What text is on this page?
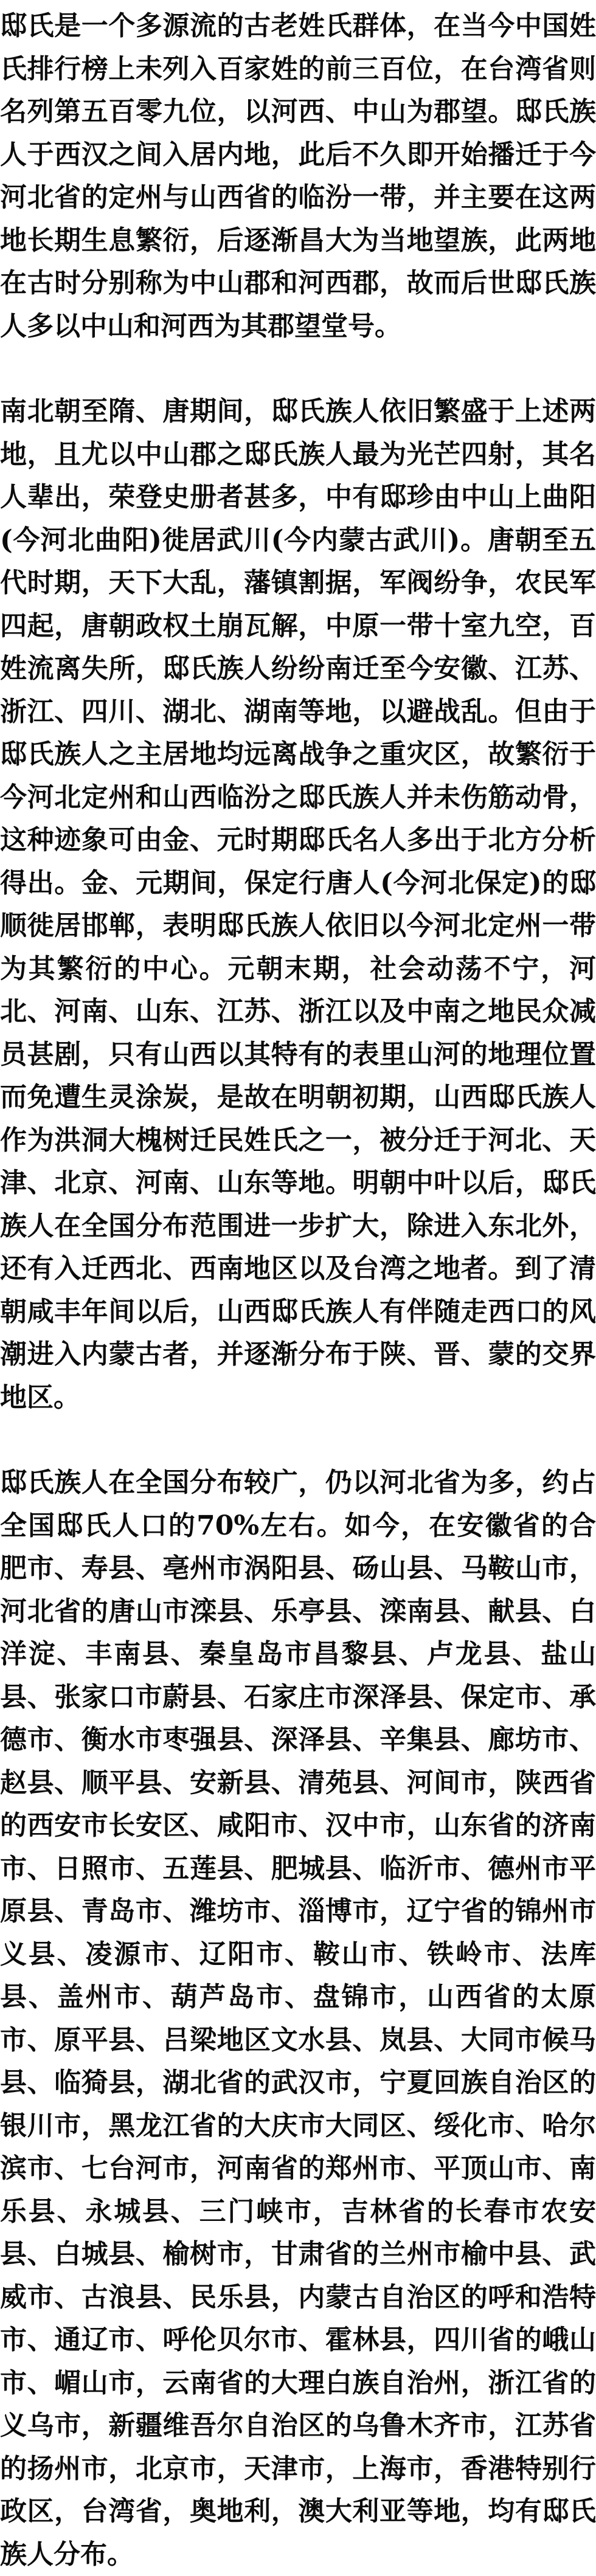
邸氏是一个多源流的古老姓氏群体，在当今中国姓氏排行榜上未列入百家姓的前三百位，在台湾省则名列第五百零九位，以河西、中山为郡望。邸氏族人于西汉之间入居内地，此后不久即开始播迁于今河北省的定州与山西省的临汾一带，并主要在这两地长期生息繁衍，后逐渐昌大为当地望族，此两地在古时分别称为中山郡和河西郡，故而后世邸氏族人多以中山和河西为其郡望堂号。

南北朝至隋、唐期间，邸氏族人依旧繁盛于上述两地，且尤以中山郡之邸氏族人最为光芒四射，其名人辈出，荣登史册者甚多，中有邸珍由中山上曲阳(今河北曲阳)徙居武川(今内蒙古武川)。唐朝至五代时期，天下大乱，藩镇割据，军阀纷争，农民军四起，唐朝政权土崩瓦解，中原一带十室九空，百姓流离失所，邸氏族人纷纷南迁至今安徽、江苏、浙江、四川、湖北、湖南等地，以避战乱。但由于邸氏族人之主居地均远离战争之重灾区，故繁衍于今河北定州和山西临汾之邸氏族人并未伤筋动骨，这种迹象可由金、元时期邸氏名人多出于北方分析得出。金、元期间，保定行唐人(今河北保定)的邸顺徙居邯郸，表明邸氏族人依旧以今河北定州一带为其繁衍的中心。元朝末期，社会动荡不宁，河北、河南、山东、江苏、浙江以及中南之地民众减员甚剧，只有山西以其特有的表里山河的地理位置而免遭生灵涂炭，是故在明朝初期，山西邸氏族人作为洪洞大槐树迁民姓氏之一，被分迁于河北、天津、北京、河南、山东等地。明朝中叶以后，邸氏族人在全国分布范围进一步扩大，除进入东北外，还有入迁西北、西南地区以及台湾之地者。到了清朝咸丰年间以后，山西邸氏族人有伴随走西口的风潮进入内蒙古者，并逐渐分布于陕、晋、蒙的交界地区。

邸氏族人在全国分布较广，仍以河北省为多，约占全国邸氏人口的70%左右。如今，在安徽省的合肥市、寿县、亳州市涡阳县、砀山县、马鞍山市，河北省的唐山市滦县、乐亭县、滦南县、献县、白洋淀、丰南县、秦皇岛市昌黎县、卢龙县、盐山县、张家口市蔚县、石家庄市深泽县、保定市、承德市、衡水市枣强县、深泽县、辛集县、廊坊市、赵县、顺平县、安新县、清苑县、河间市，陕西省的西安市长安区、咸阳市、汉中市，山东省的济南市、日照市、五莲县、肥城县、临沂市、德州市平原县、青岛市、潍坊市、淄博市，辽宁省的锦州市义县、凌源市、辽阳市、鞍山市、铁岭市、法库县、盖州市、葫芦岛市、盘锦市，山西省的太原市、原平县、吕梁地区文水县、岚县、大同市候马县、临猗县，湖北省的武汉市，宁夏回族自治区的银川市，黑龙江省的大庆市大同区、绥化市、哈尔滨市、七台河市，河南省的郑州市、平顶山市、南乐县、永城县、三门峡市，吉林省的长春市农安县、白城县、榆树市，甘肃省的兰州市榆中县、武威市、古浪县、民乐县，内蒙古自治区的呼和浩特市、通辽市、呼伦贝尔市、霍林县，四川省的峨山市、嵋山市，云南省的大理白族自治州，浙江省的义乌市，新疆维吾尔自治区的乌鲁木齐市，江苏省的扬州市，北京市，天津市，上海市，香港特别行政区，台湾省，奥地利，澳大利亚等地，均有邸氏族人分布。
